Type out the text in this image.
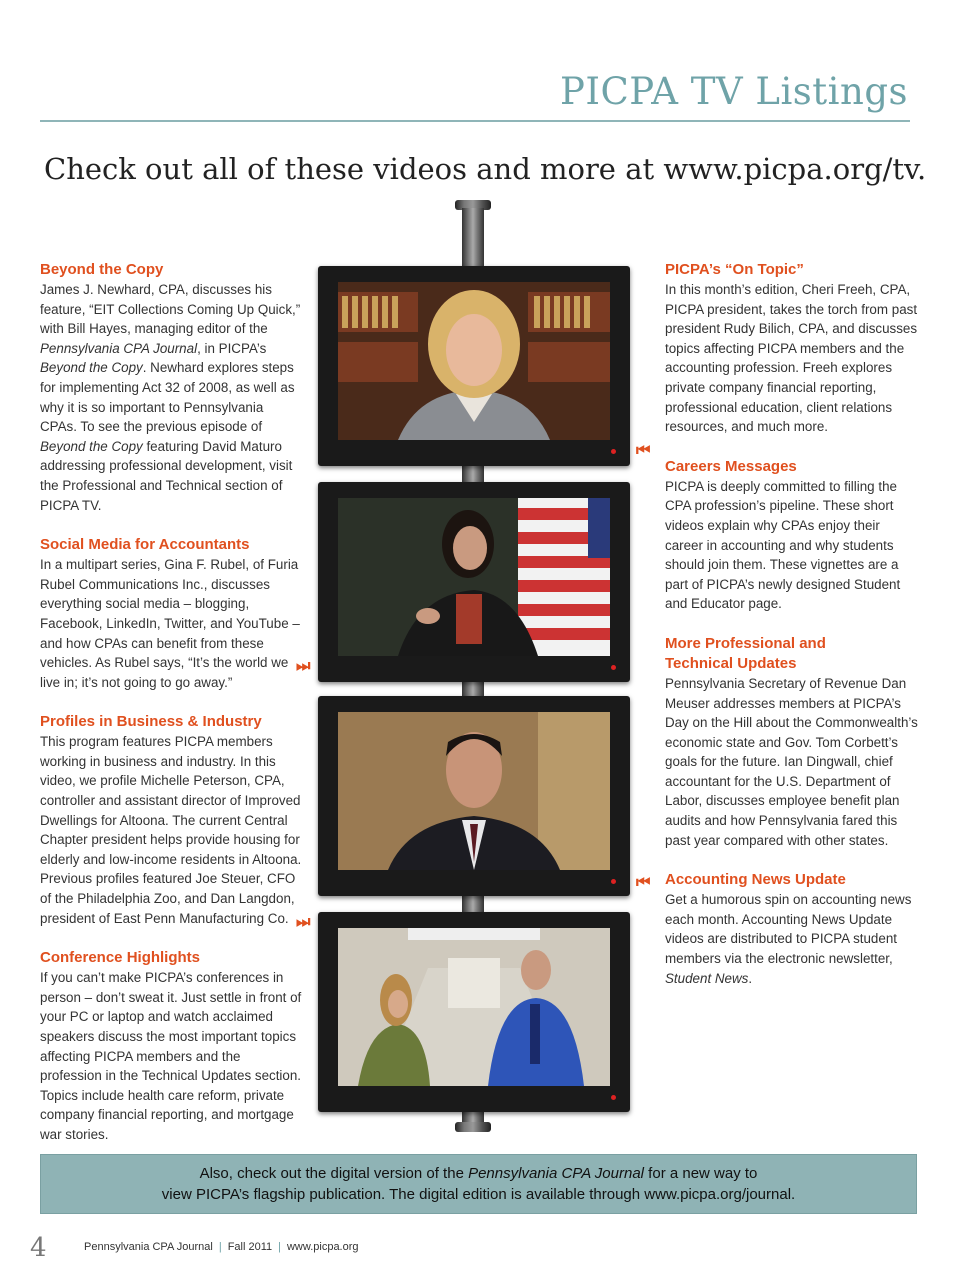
PICPA TV Listings
Check out all of these videos and more at www.picpa.org/tv.
Beyond the Copy

James J. Newhard, CPA, discusses his feature, “EIT Collections Coming Up Quick,” with Bill Hayes, managing editor of the Pennsylvania CPA Journal, in PICPA’s Beyond the Copy. Newhard explores steps for implementing Act 32 of 2008, as well as why it is so important to Pennsylvania CPAs. To see the previous episode of Beyond the Copy featuring David Maturo addressing professional development, visit the Professional and Technical section of PICPA TV.

Social Media for Accountants

In a multipart series, Gina F. Rubel, of Furia Rubel Communications Inc., discusses everything social media – blogging, Facebook, LinkedIn, Twitter, and YouTube – and how CPAs can benefit from these vehicles. As Rubel says, “It’s the world we live in; it’s not going to go away.”

Profiles in Business & Industry

This program features PICPA members working in business and industry. In this video, we profile Michelle Peterson, CPA, controller and assistant director of Improved Dwellings for Altoona. The current Central Chapter president helps provide housing for elderly and low-income residents in Altoona. Previous profiles featured Joe Steuer, CFO of the Philadelphia Zoo, and Dan Langdon, president of East Penn Manufacturing Co.

Conference Highlights

If you can’t make PICPA’s conferences in person – don’t sweat it. Just settle in front of your PC or laptop and watch acclaimed speakers discuss the most important topics affecting PICPA members and the profession in the Technical Updates section. Topics include health care reform, private company financial reporting, and mortgage war stories.

PICPA’s “On Topic”

In this month’s edition, Cheri Freeh, CPA, PICPA president, takes the torch from past president Rudy Bilich, CPA, and discusses topics affecting PICPA members and the accounting profession. Freeh explores private company financial reporting, professional education, client relations resources, and much more.

Careers Messages

PICPA is deeply committed to filling the CPA profession’s pipeline. These short videos explain why CPAs enjoy their career in accounting and why students should join them. These vignettes are a part of PICPA’s newly designed Student and Educator page.

More Professional and Technical Updates

Pennsylvania Secretary of Revenue Dan Meuser addresses members at PICPA’s Day on the Hill about the Commonwealth’s economic state and Gov. Tom Corbett’s goals for the future. Ian Dingwall, chief accountant for the U.S. Department of Labor, discusses employee benefit plan audits and how Pennsylvania fared this past year compared with other states.

Accounting News Update

Get a humorous spin on accounting news each month. Accounting News Update videos are distributed to PICPA student members via the electronic newsletter, Student News.

⏮
⏭
⏮
⏭
Also, check out the digital version of the Pennsylvania CPA Journal for a new way to
view PICPA’s flagship publication. The digital edition is available through www.picpa.org/journal.
4	Pennsylvania CPA Journal | Fall 2011 | www.picpa.org
